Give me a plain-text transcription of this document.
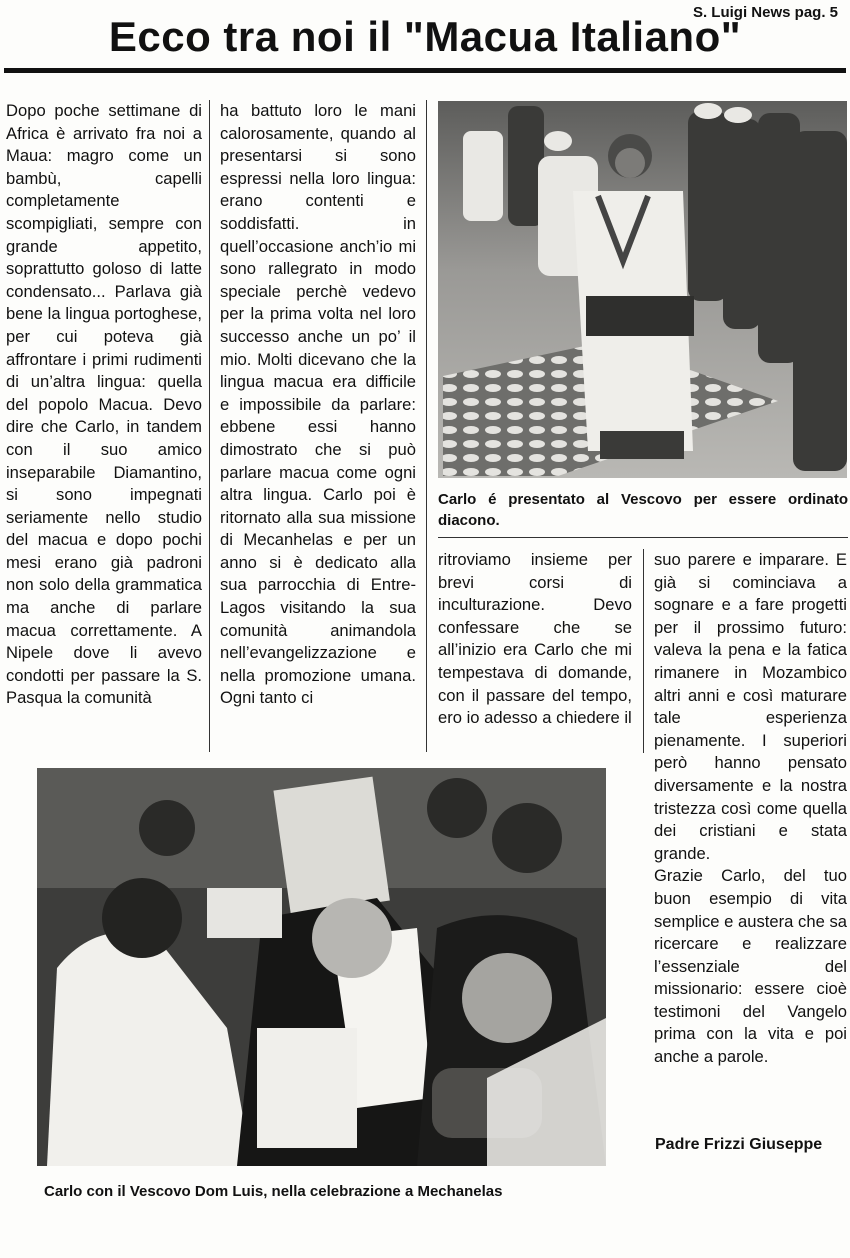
S. Luigi News pag. 5
Ecco tra noi il "Macua Italiano"

Dopo poche settimane di Africa è arrivato fra noi a Maua: magro come un bambù, capelli completamente scompigliati, sempre con grande appetito, soprattutto goloso di latte condensato... Parlava già bene la lingua portoghese, per cui poteva già affrontare i primi rudimenti di un’altra lingua: quella del popolo Macua. Devo dire che Carlo, in tandem con il suo amico inseparabile Diamantino, si sono impegnati seriamente nello studio del macua e dopo pochi mesi erano già padroni non solo della grammatica ma anche di parlare macua correttamente. A Nipele dove li avevo condotti per passare la S. Pasqua la comunità

ha battuto loro le mani calorosamente, quando al presentarsi si sono espressi nella loro lingua: erano contenti e soddisfatti. in quell’occasione anch’io mi sono rallegrato in modo speciale perchè vedevo per la prima volta nel loro successo anche un po’ il mio. Molti dicevano che la lingua macua era difficile e impossibile da parlare: ebbene essi hanno dimostrato che si può parlare macua come ogni altra lingua. Carlo poi è ritornato alla sua missione di Mecanhelas e per un anno si è dedicato alla sua parrocchia di Entre-Lagos visitando la sua comunità animandola nell’evangelizzazione e nella promozione umana. Ogni tanto ci

Carlo é presentato al Vescovo per essere ordinato diacono.

ritroviamo insieme per brevi corsi di inculturazione. Devo confessare che se all’inizio era Carlo che mi tempestava di domande, con il passare del tempo, ero io adesso a chiedere il

suo parere e imparare. E già si cominciava a sognare e a fare progetti per il prossimo futuro: valeva la pena e la fatica rimanere in Mozambico altri anni e così maturare tale esperienza pienamente. I superiori però hanno pensato diversamente e la nostra tristezza così come quella dei cristiani e stata grande.

Grazie Carlo, del tuo buon esempio di vita semplice e austera che sa ricercare e realizzare l’essenziale del missionario: essere cioè testimoni del Vangelo prima con la vita e poi anche a parole.

Padre Frizzi Giuseppe
Carlo con il Vescovo Dom Luis, nella celebrazione a Mechanelas
